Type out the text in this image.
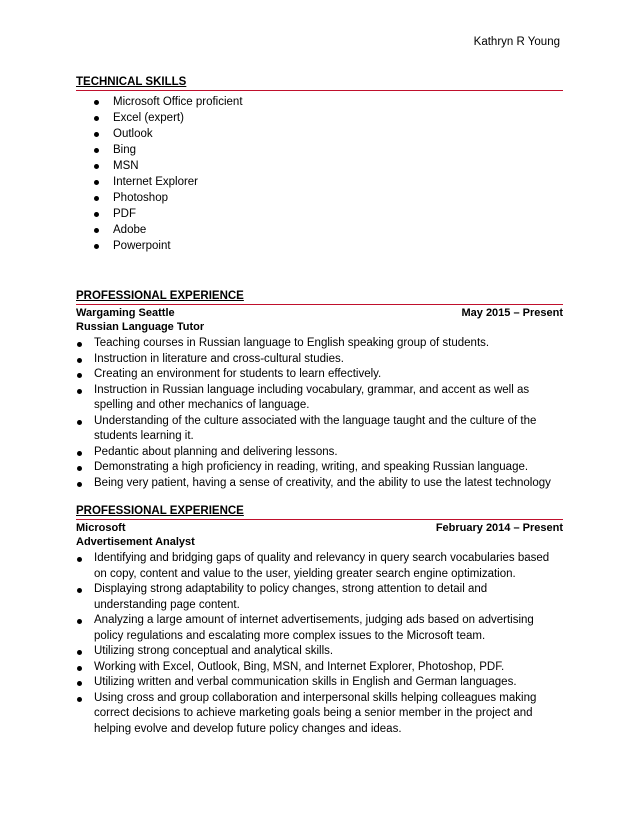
Kathryn R Young
TECHNICAL SKILLS
Microsoft Office proficient
Excel (expert)
Outlook
Bing
MSN
Internet Explorer
Photoshop
PDF
Adobe
Powerpoint
PROFESSIONAL EXPERIENCE
Wargaming Seattle	May 2015 – Present
Russian Language Tutor
Teaching courses in Russian language to English speaking group of students.
Instruction in literature and cross-cultural studies.
Creating an environment for students to learn effectively.
Instruction in Russian language including vocabulary, grammar, and accent as well as spelling and other mechanics of language.
Understanding of the culture associated with the language taught and the culture of the students learning it.
Pedantic about planning and delivering lessons.
Demonstrating a high proficiency in reading, writing, and speaking Russian language.
Being very patient, having a sense of creativity, and the ability to use the latest technology
PROFESSIONAL EXPERIENCE
Microsoft	February 2014 – Present
Advertisement Analyst
Identifying and bridging gaps of quality and relevancy in query search vocabularies based on copy, content and value to the user, yielding greater search engine optimization.
Displaying strong adaptability to policy changes, strong attention to detail and understanding page content.
Analyzing a large amount of internet advertisements, judging ads based on advertising policy regulations and escalating more complex issues to the Microsoft team.
Utilizing strong conceptual and analytical skills.
Working with Excel, Outlook, Bing, MSN, and Internet Explorer, Photoshop, PDF.
Utilizing written and verbal communication skills in English and German languages.
Using cross and group collaboration and interpersonal skills helping colleagues making correct decisions to achieve marketing goals being a senior member in the project and helping evolve and develop future policy changes and ideas.
